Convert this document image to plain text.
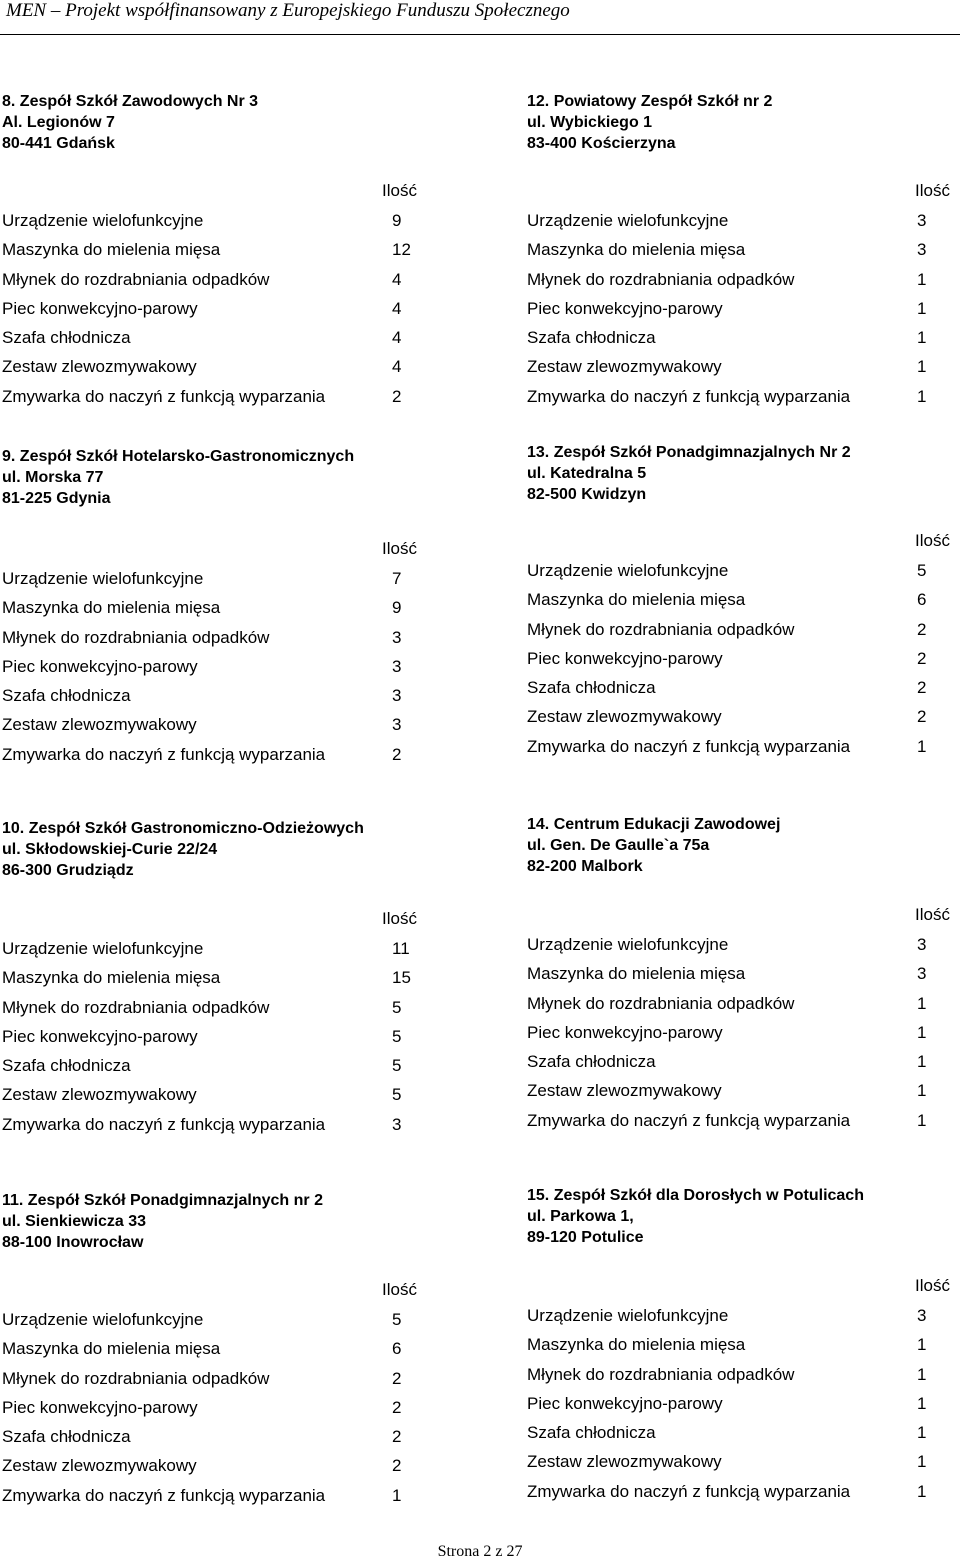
MEN – Projekt współfinansowany z Europejskiego Funduszu Społecznego
8. Zespół Szkół Zawodowych Nr 3
Al. Legionów 7
80-441 Gdańsk
Ilość
Urządzenie wielofunkcyjne	9
Maszynka do mielenia mięsa	12
Młynek do rozdrabniania odpadków	4
Piec konwekcyjno-parowy	4
Szafa chłodnicza	4
Zestaw zlewozmywakowy	4
Zmywarka do naczyń z funkcją wyparzania	2
12. Powiatowy Zespół Szkół nr 2
ul. Wybickiego 1
83-400 Kościerzyna
Ilość
Urządzenie wielofunkcyjne	3
Maszynka do mielenia mięsa	3
Młynek do rozdrabniania odpadków	1
Piec konwekcyjno-parowy	1
Szafa chłodnicza	1
Zestaw zlewozmywakowy	1
Zmywarka do naczyń z funkcją wyparzania	1
9. Zespół Szkół Hotelarsko-Gastronomicznych
ul. Morska 77
81-225 Gdynia
Ilość
Urządzenie wielofunkcyjne	7
Maszynka do mielenia mięsa	9
Młynek do rozdrabniania odpadków	3
Piec konwekcyjno-parowy	3
Szafa chłodnicza	3
Zestaw zlewozmywakowy	3
Zmywarka do naczyń z funkcją wyparzania	2
13. Zespół Szkół Ponadgimnazjalnych Nr 2
ul. Katedralna 5
82-500 Kwidzyn
Ilość
Urządzenie wielofunkcyjne	5
Maszynka do mielenia mięsa	6
Młynek do rozdrabniania odpadków	2
Piec konwekcyjno-parowy	2
Szafa chłodnicza	2
Zestaw zlewozmywakowy	2
Zmywarka do naczyń z funkcją wyparzania	1
10. Zespół Szkół Gastronomiczno-Odzieżowych
ul. Skłodowskiej-Curie 22/24
86-300 Grudziądz
Ilość
Urządzenie wielofunkcyjne	11
Maszynka do mielenia mięsa	15
Młynek do rozdrabniania odpadków	5
Piec konwekcyjno-parowy	5
Szafa chłodnicza	5
Zestaw zlewozmywakowy	5
Zmywarka do naczyń z funkcją wyparzania	3
14. Centrum Edukacji Zawodowej
ul. Gen. De Gaulle`a 75a
82-200 Malbork
Ilość
Urządzenie wielofunkcyjne	3
Maszynka do mielenia mięsa	3
Młynek do rozdrabniania odpadków	1
Piec konwekcyjno-parowy	1
Szafa chłodnicza	1
Zestaw zlewozmywakowy	1
Zmywarka do naczyń z funkcją wyparzania	1
11. Zespół Szkół Ponadgimnazjalnych nr 2
ul. Sienkiewicza 33
88-100 Inowrocław
Ilość
Urządzenie wielofunkcyjne	5
Maszynka do mielenia mięsa	6
Młynek do rozdrabniania odpadków	2
Piec konwekcyjno-parowy	2
Szafa chłodnicza	2
Zestaw zlewozmywakowy	2
Zmywarka do naczyń z funkcją wyparzania	1
15. Zespół Szkół dla Dorosłych w Potulicach
ul. Parkowa 1,
89-120 Potulice
Ilość
Urządzenie wielofunkcyjne	3
Maszynka do mielenia mięsa	1
Młynek do rozdrabniania odpadków	1
Piec konwekcyjno-parowy	1
Szafa chłodnicza	1
Zestaw zlewozmywakowy	1
Zmywarka do naczyń z funkcją wyparzania	1
Strona 2 z 27
